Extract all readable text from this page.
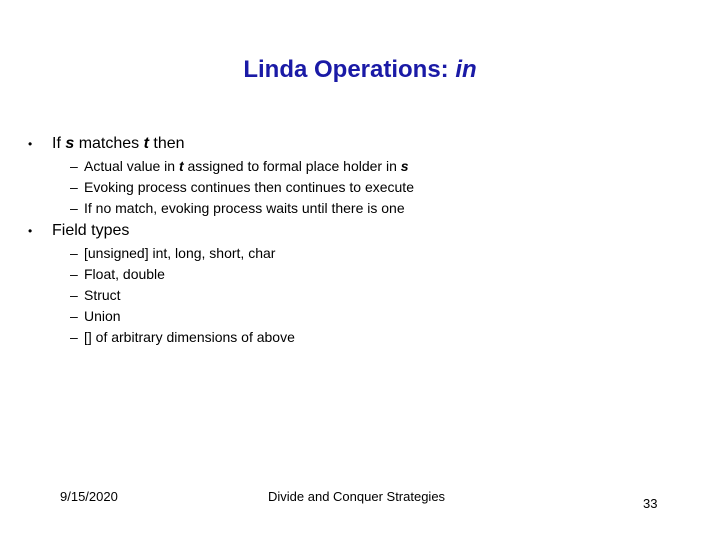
Linda Operations: in
• If s matches t then
– Actual value in t assigned to formal place holder in s
– Evoking process continues then continues to execute
– If no match, evoking process waits until there is one
• Field types
– [unsigned] int, long, short, char
– Float, double
– Struct
– Union
– [] of arbitrary dimensions of above
9/15/2020	Divide and Conquer Strategies	33
